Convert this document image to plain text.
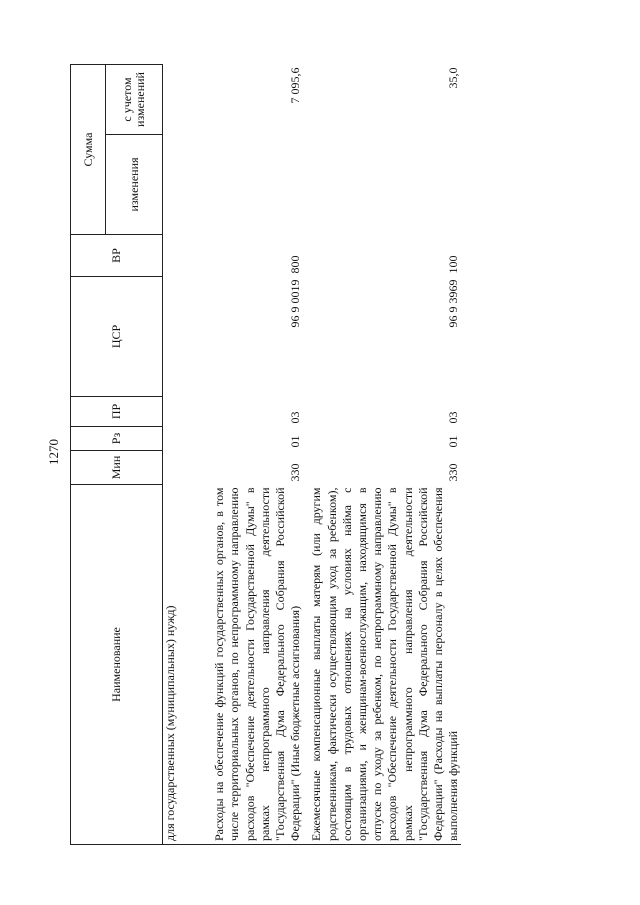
1270
Наименование	Мин	Рз	ПР	ЦСР	ВР	Сумма	
						изменения	с учетом изменений
для государственных (муниципальных) нужд)							
Расходы на обеспечение функций государственных органов, в том числе территориальных органов, по непрограммному направлению расходов "Обеспечение деятельности Государственной Думы" в рамках непрограммного направления деятельности "Государственная Дума Федерального Собрания Российской Федерации" (Иные бюджетные ассигнования)	330	01	03	96 9 0019	800		7 095,6
Ежемесячные компенсационные выплаты матерям (или другим родственникам, фактически осуществляющим уход за ребенком), состоящим в трудовых отношениях на условиях найма с организациями, и женщинам-военнослужащим, находящимся в отпуске по уходу за ребенком, по непрограммному направлению расходов "Обеспечение деятельности Государственной Думы" в рамках непрограммного направления деятельности "Государственная Дума Федерального Собрания Российской Федерации" (Расходы на выплаты персоналу в целях обеспечения выполнения функций	330	01	03	96 9 3969	100		35,0
